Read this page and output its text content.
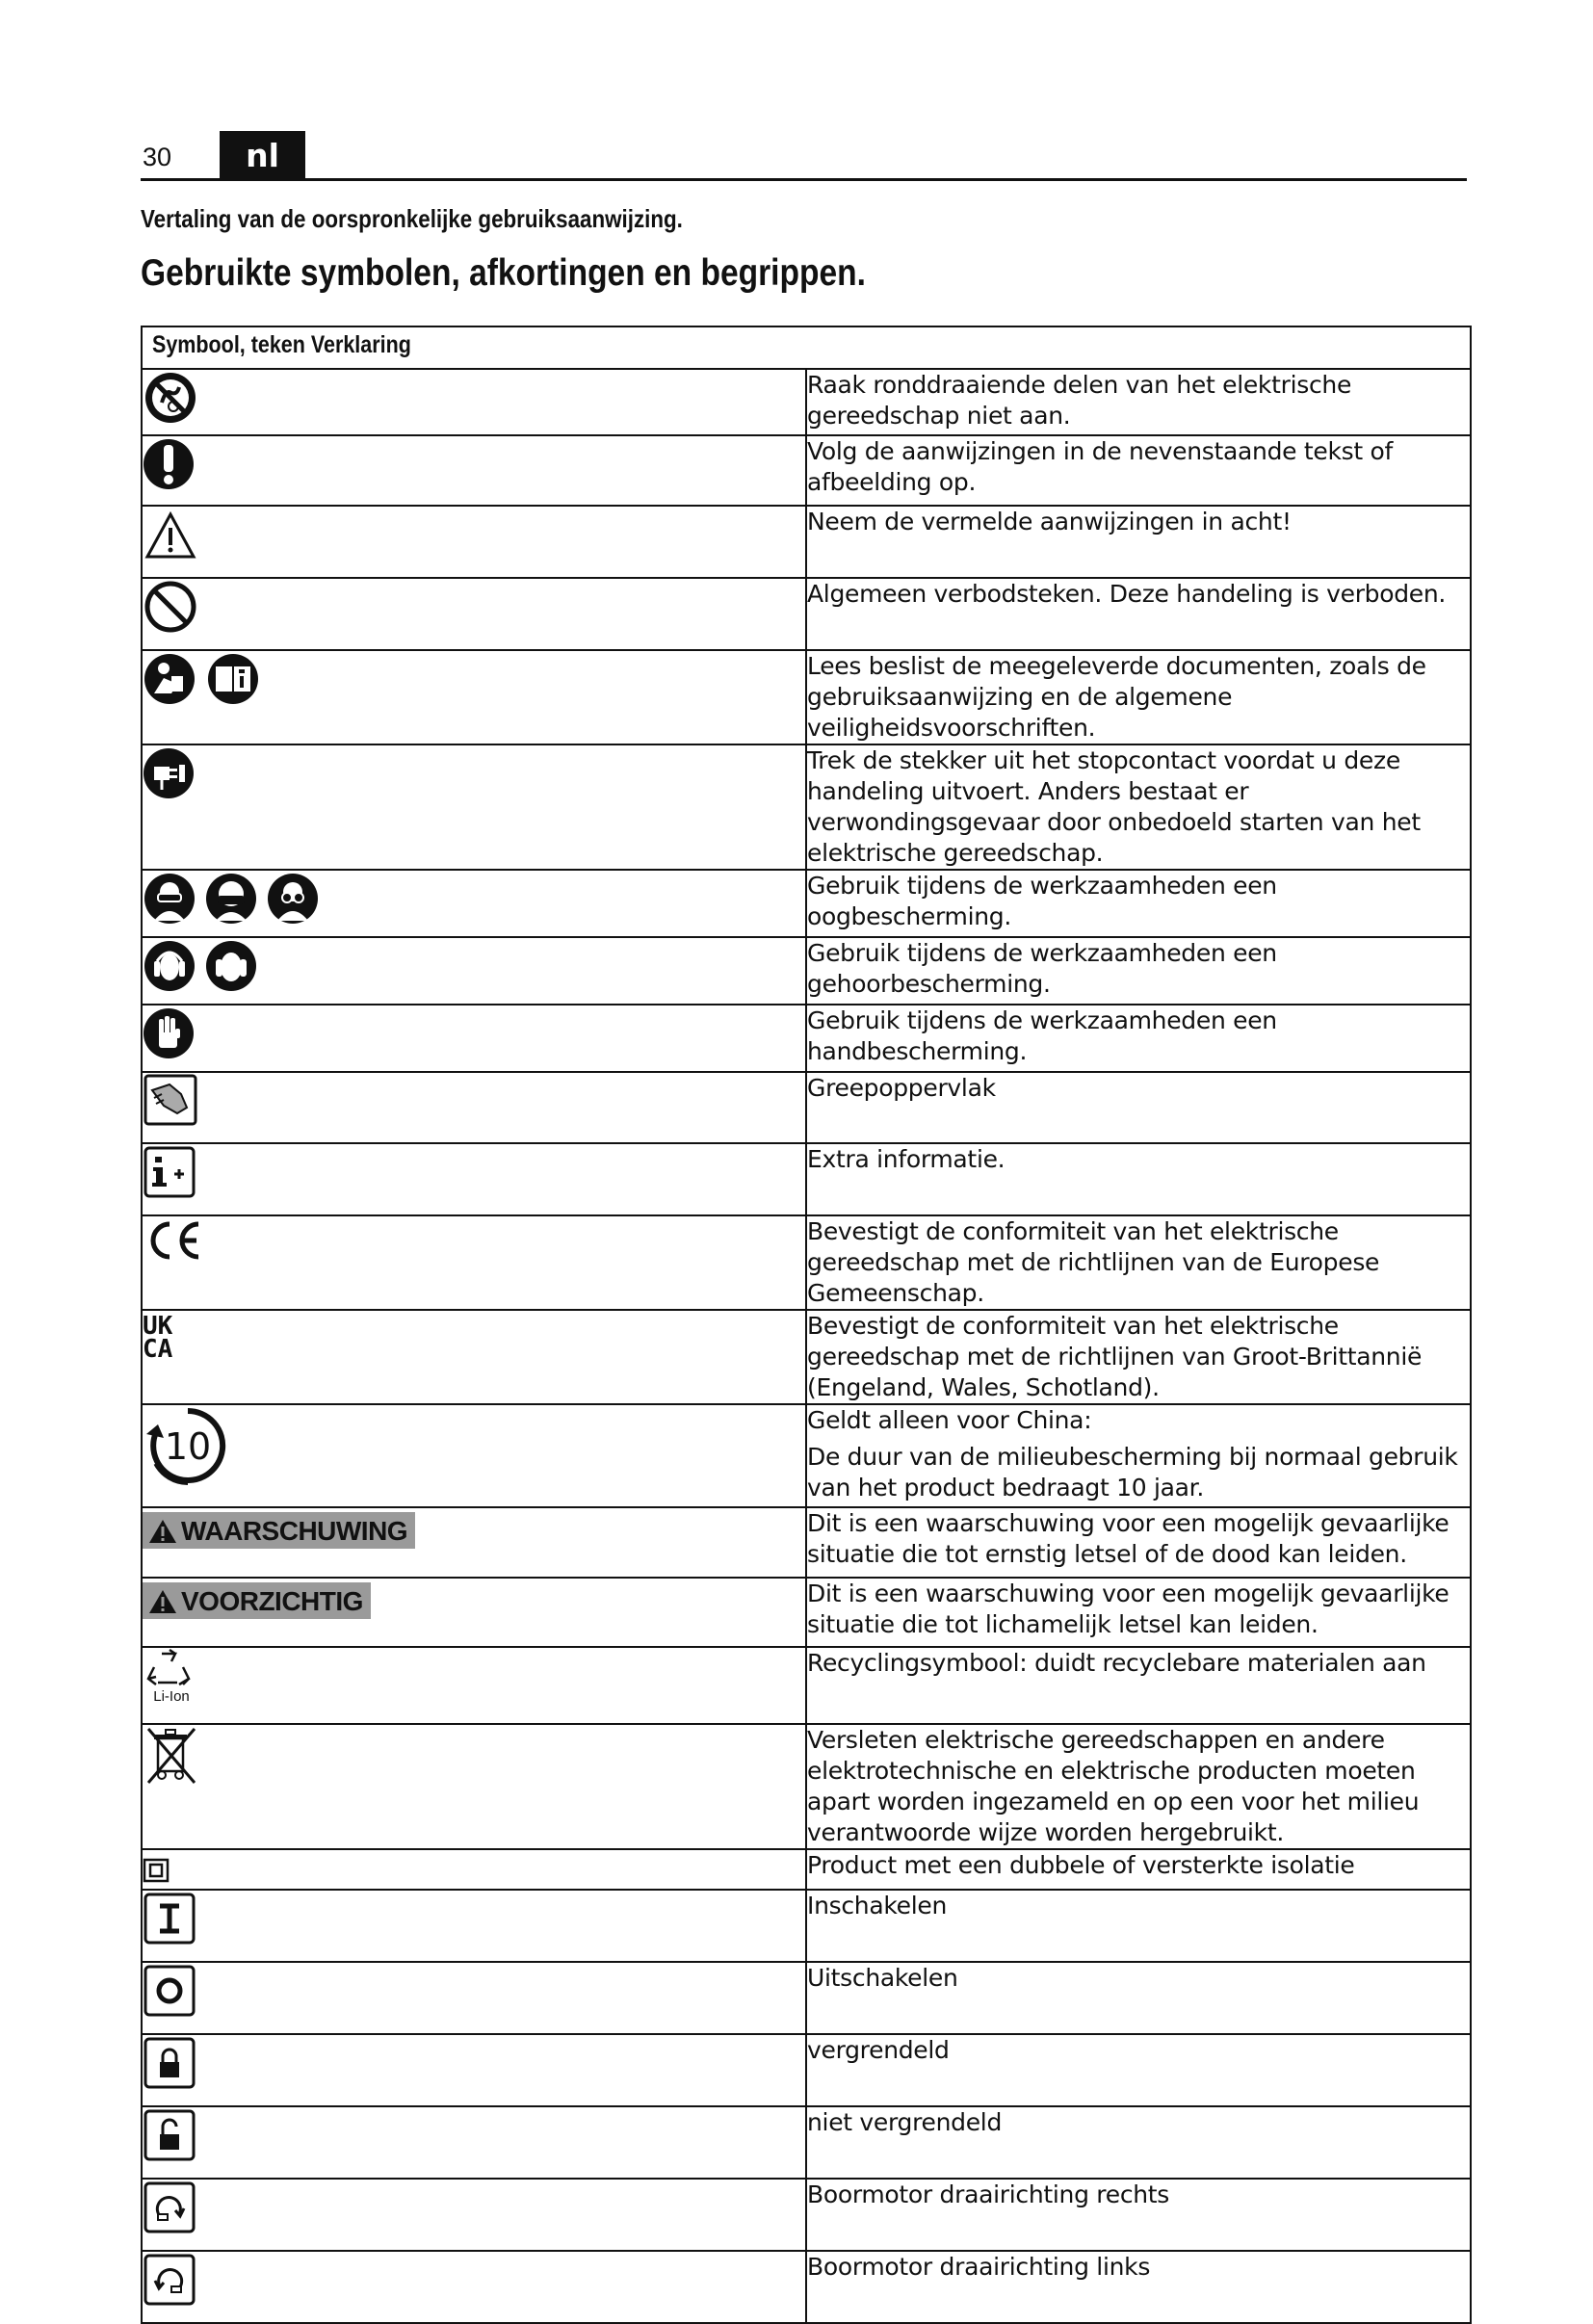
30	nl
Vertaling van de oorspronkelijke gebruiksaanwijzing.
Gebruikte symbolen, afkortingen en begrippen.
Symbool, teken Verklaring	
	Raak ronddraaiende delen van het elektrische gereedschap niet aan.
	Volg de aanwijzingen in de nevenstaande tekst of afbeelding op.
	Neem de vermelde aanwijzingen in acht!
	Algemeen verbodsteken. Deze handeling is verboden.
	Lees beslist de meegeleverde documenten, zoals de gebruiksaanwijzing en de algemene veiligheidsvoorschriften.
	Trek de stekker uit het stopcontact voordat u deze handeling uitvoert. Anders bestaat er verwondingsgevaar door onbedoeld starten van het elektrische gereedschap.
	Gebruik tijdens de werkzaamheden een oogbescherming.
	Gebruik tijdens de werkzaamheden een gehoorbescherming.
	Gebruik tijdens de werkzaamheden een handbescherming.
	Greepoppervlak
	Extra informatie.
	Bevestigt de conformiteit van het elektrische gereedschap met de richtlijnen van de Europese Gemeenschap.

UK
CA	Bevestigt de conformiteit van het elektrische gereedschap met de richtlijnen van Groot-Brittannië (Engeland, Wales, Schotland).

10	Geldt alleen voor China:

De duur van de milieubescherming bij normaal gebruik van het product bedraagt 10 jaar.

WAARSCHUWING	Dit is een waarschuwing voor een mogelijk gevaarlijke situatie die tot ernstig letsel of de dood kan leiden.
VOORZICHTIG	Dit is een waarschuwing voor een mogelijk gevaarlijke situatie die tot lichamelijk letsel kan leiden.

Li-Ion	Recyclingsymbool: duidt recyclebare materialen aan
	Versleten elektrische gereedschappen en andere elektrotechnische en elektrische producten moeten apart worden ingezameld en op een voor het milieu verantwoorde wijze worden hergebruikt.
	Product met een dubbele of versterkte isolatie
	Inschakelen
	Uitschakelen
	vergrendeld
	niet vergrendeld
	Boormotor draairichting rechts
	Boormotor draairichting links
